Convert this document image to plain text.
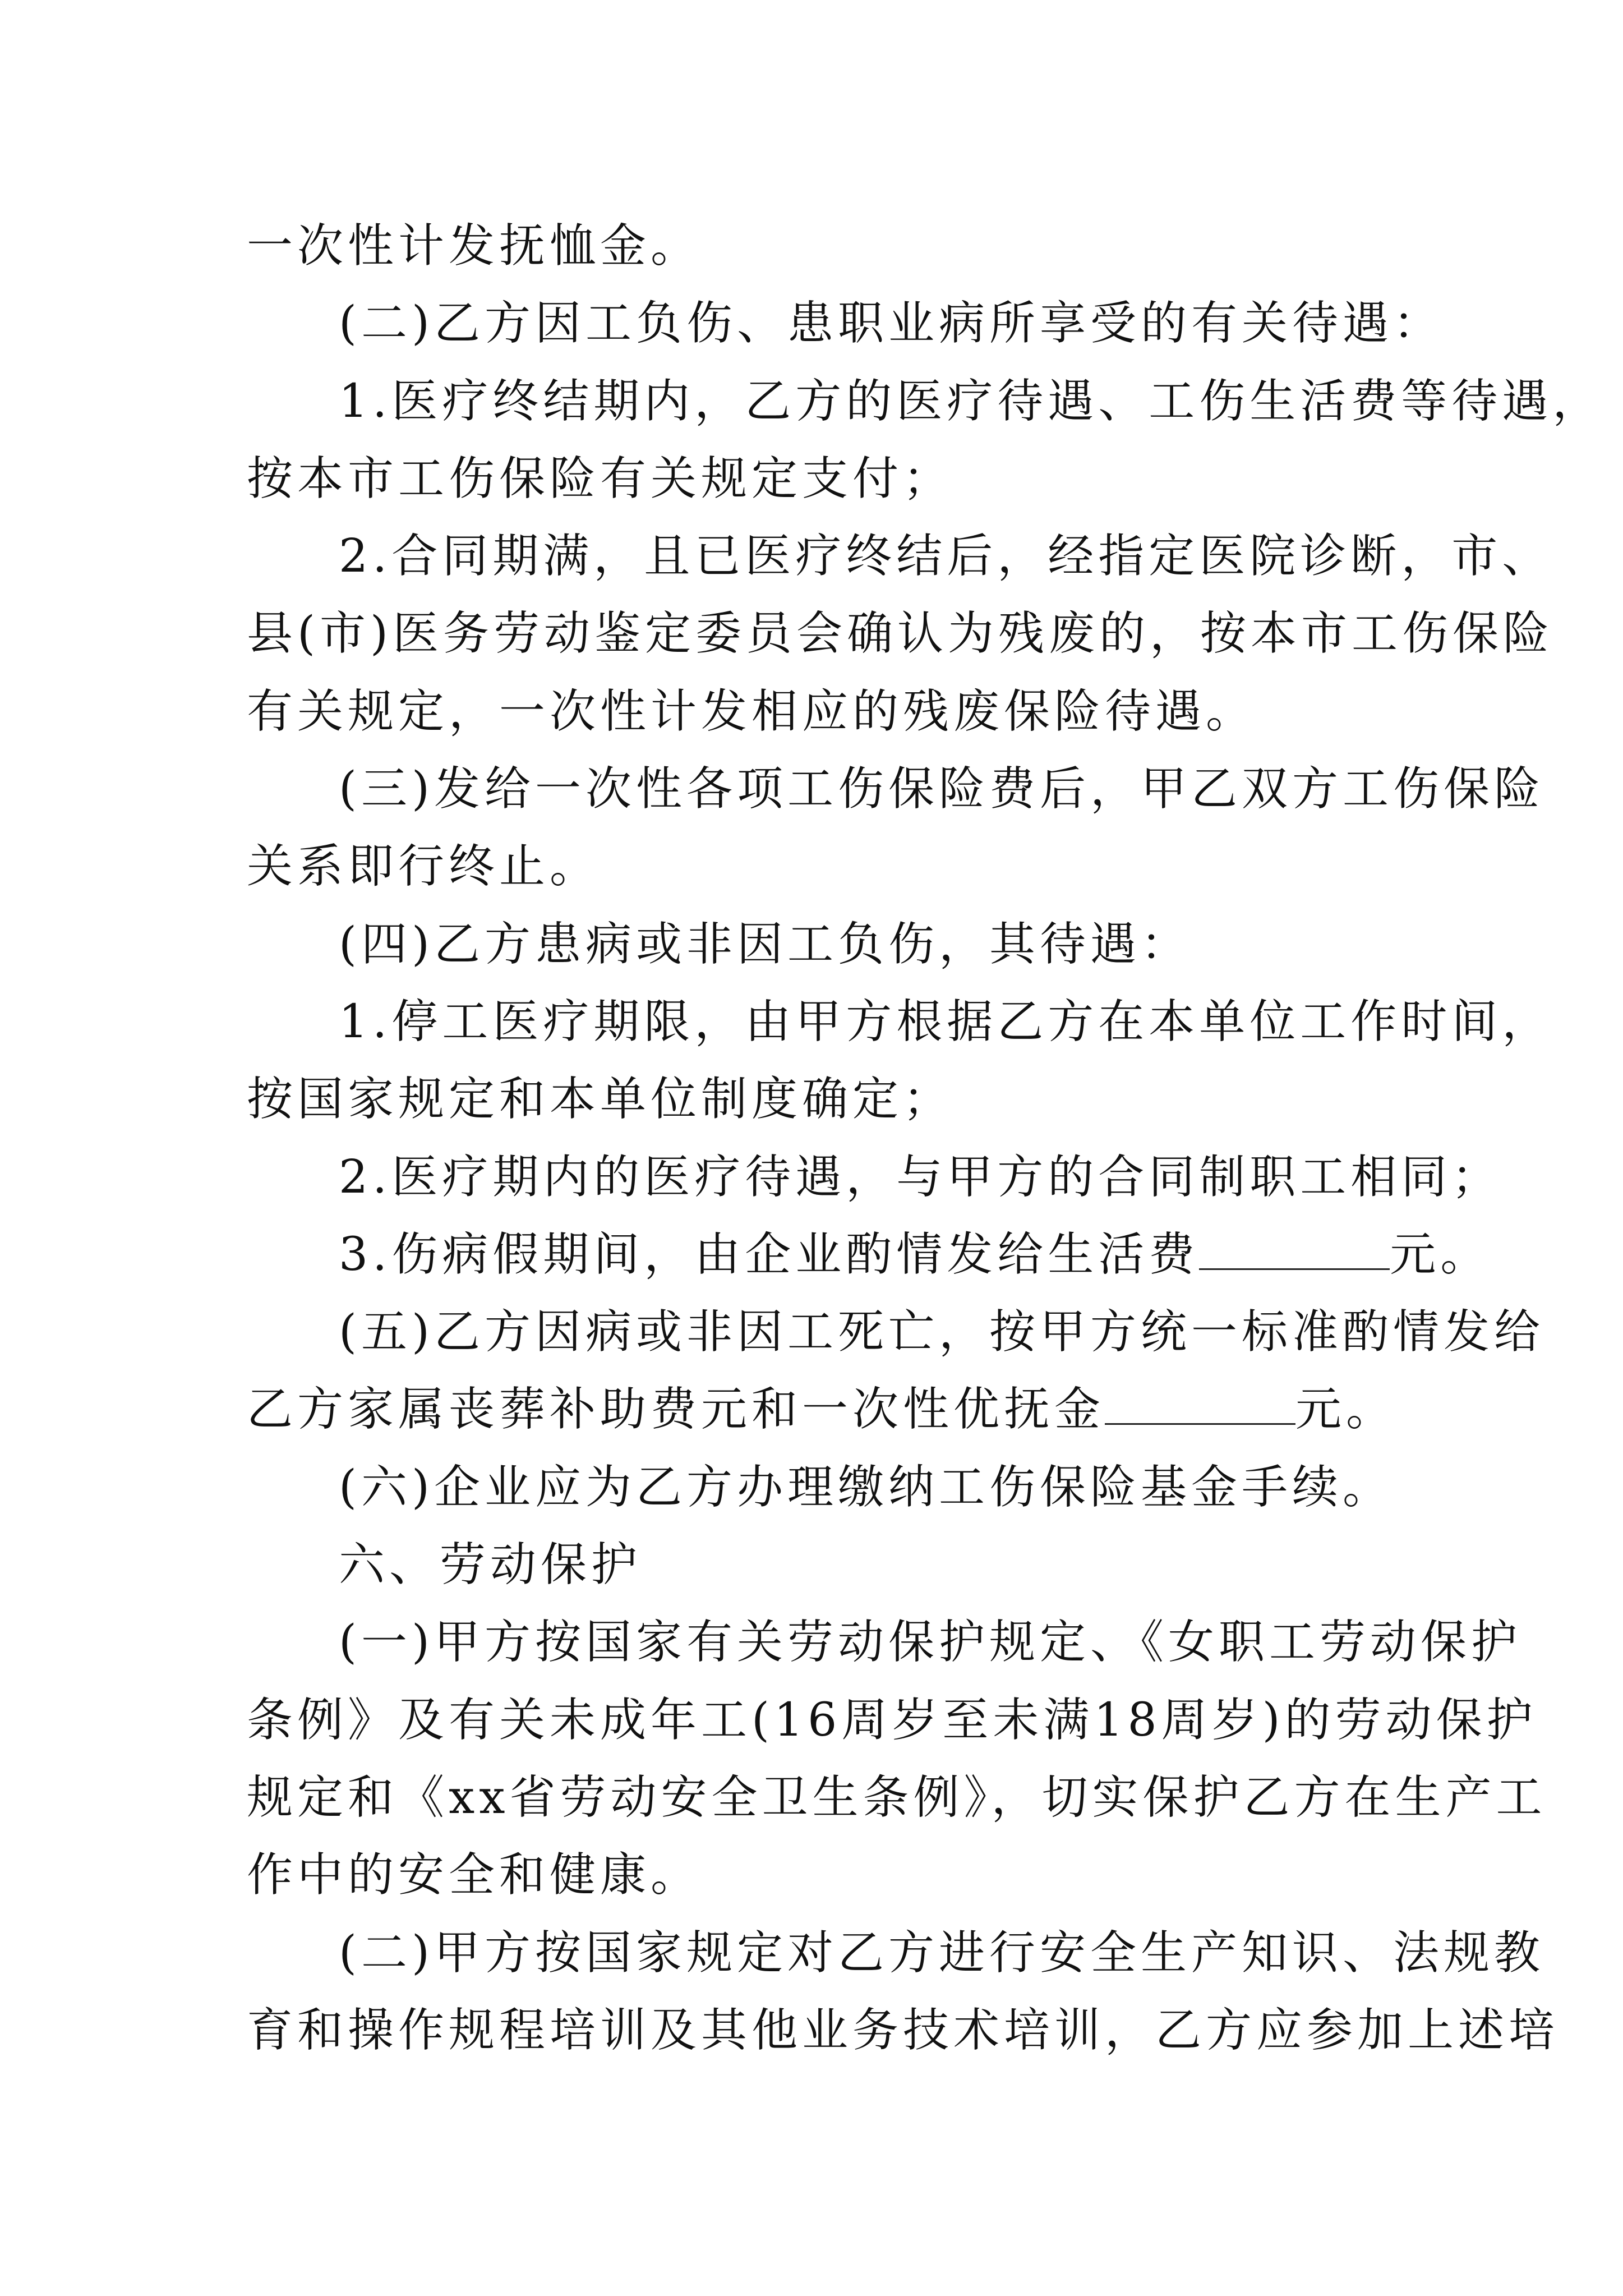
一次性计发抚恤金。
(二)乙方因工负伤、患职业病所享受的有关待遇：
1.医疗终结期内，乙方的医疗待遇、工伤生活费等待遇，
按本市工伤保险有关规定支付；
2.合同期满，且已医疗终结后，经指定医院诊断，市、
县(市)医务劳动鉴定委员会确认为残废的，按本市工伤保险
有关规定，一次性计发相应的残废保险待遇。
(三)发给一次性各项工伤保险费后，甲乙双方工伤保险
关系即行终止。
(四)乙方患病或非因工负伤，其待遇：
1.停工医疗期限，由甲方根据乙方在本单位工作时间，
按国家规定和本单位制度确定；
2.医疗期内的医疗待遇，与甲方的合同制职工相同；
3.伤病假期间，由企业酌情发给生活费	元。
(五)乙方因病或非因工死亡，按甲方统一标准酌情发给
乙方家属丧葬补助费元和一次性优抚金	元。
(六)企业应为乙方办理缴纳工伤保险基金手续。
六、劳动保护
(一)甲方按国家有关劳动保护规定、《女职工劳动保护
条例》及有关未成年工(16周岁至未满18周岁)的劳动保护
规定和《xx省劳动安全卫生条例》，切实保护乙方在生产工
作中的安全和健康。
(二)甲方按国家规定对乙方进行安全生产知识、法规教
育和操作规程培训及其他业务技术培训，乙方应参加上述培
